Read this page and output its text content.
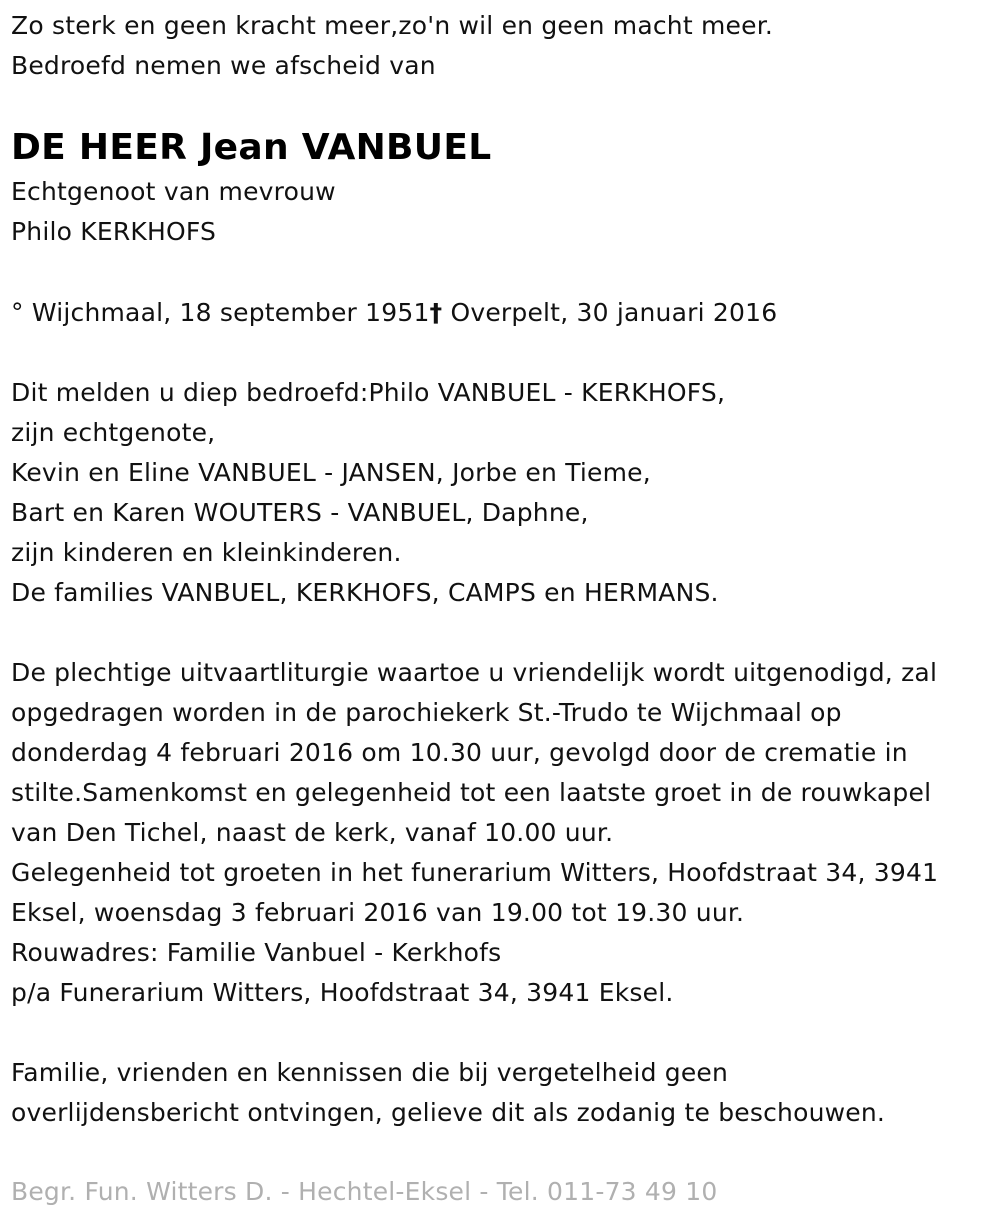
Zo sterk en geen kracht meer,zo'n wil en geen macht meer.
Bedroefd nemen we afscheid van
DE HEER Jean VANBUEL
Echtgenoot van mevrouw
Philo KERKHOFS
° Wijchmaal, 18 september 1951† Overpelt, 30 januari 2016
Dit melden u diep bedroefd:Philo VANBUEL - KERKHOFS,
zijn echtgenote,
Kevin en Eline VANBUEL - JANSEN, Jorbe en Tieme,
Bart en Karen WOUTERS - VANBUEL, Daphne,
zijn kinderen en kleinkinderen.
De families VANBUEL, KERKHOFS, CAMPS en HERMANS.
De plechtige uitvaartliturgie waartoe u vriendelijk wordt uitgenodigd, zal
opgedragen worden in de parochiekerk St.-Trudo te Wijchmaal op
donderdag 4 februari 2016 om 10.30 uur, gevolgd door de crematie in
stilte.Samenkomst en gelegenheid tot een laatste groet in de rouwkapel
van Den Tichel, naast de kerk, vanaf 10.00 uur.
Gelegenheid tot groeten in het funerarium Witters, Hoofdstraat 34, 3941
Eksel, woensdag 3 februari 2016 van 19.00 tot 19.30 uur.
Rouwadres: Familie Vanbuel - Kerkhofs
p/a Funerarium Witters, Hoofdstraat 34, 3941 Eksel.
Familie, vrienden en kennissen die bij vergetelheid geen
overlijdensbericht ontvingen, gelieve dit als zodanig te beschouwen.
Begr. Fun. Witters D. - Hechtel-Eksel - Tel. 011-73 49 10
